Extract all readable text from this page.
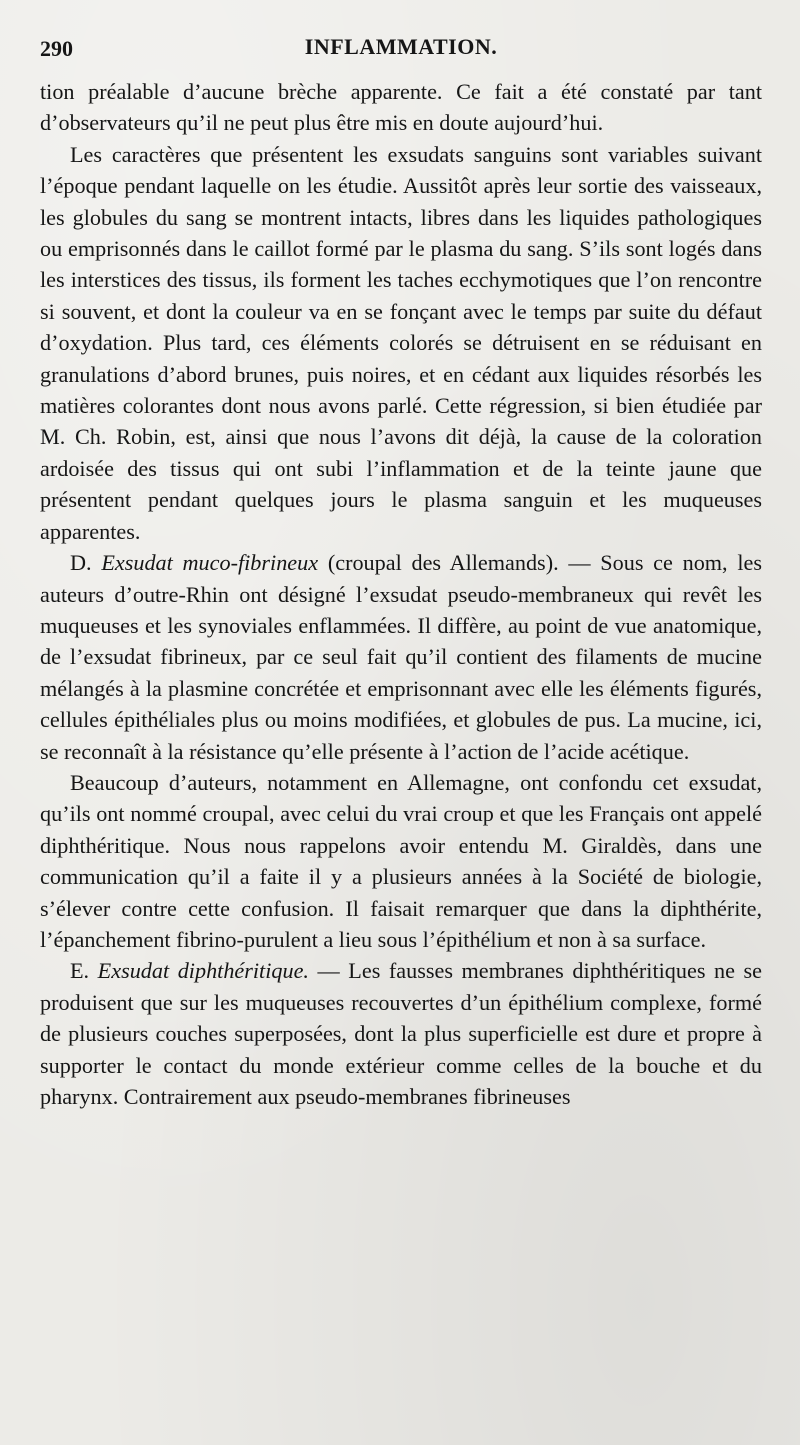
290	INFLAMMATION.

tion préalable d’aucune brèche apparente. Ce fait a été constaté par tant d’observateurs qu’il ne peut plus être mis en doute aujourd’hui.

Les caractères que présentent les exsudats sanguins sont variables suivant l’époque pendant laquelle on les étudie. Aussitôt après leur sortie des vaisseaux, les globules du sang se montrent intacts, libres dans les liquides pathologiques ou emprisonnés dans le caillot formé par le plasma du sang. S’ils sont logés dans les interstices des tissus, ils forment les taches ecchymotiques que l’on rencontre si souvent, et dont la couleur va en se fonçant avec le temps par suite du défaut d’oxydation. Plus tard, ces éléments colorés se détruisent en se réduisant en granulations d’abord brunes, puis noires, et en cédant aux liquides résorbés les matières colorantes dont nous avons parlé. Cette régression, si bien étudiée par M. Ch. Robin, est, ainsi que nous l’avons dit déjà, la cause de la coloration ardoisée des tissus qui ont subi l’inflammation et de la teinte jaune que présentent pendant quelques jours le plasma sanguin et les muqueuses apparentes.

D. Exsudat muco-fibrineux (croupal des Allemands). — Sous ce nom, les auteurs d’outre-Rhin ont désigné l’exsudat pseudo-membraneux qui revêt les muqueuses et les synoviales enflammées. Il diffère, au point de vue anatomique, de l’exsudat fibrineux, par ce seul fait qu’il contient des filaments de mucine mélangés à la plasmine concrétée et emprisonnant avec elle les éléments figurés, cellules épithéliales plus ou moins modifiées, et globules de pus. La mucine, ici, se reconnaît à la résistance qu’elle présente à l’action de l’acide acétique.

Beaucoup d’auteurs, notamment en Allemagne, ont confondu cet exsudat, qu’ils ont nommé croupal, avec celui du vrai croup et que les Français ont appelé diphthéritique. Nous nous rappelons avoir entendu M. Giraldès, dans une communication qu’il a faite il y a plusieurs années à la Société de biologie, s’élever contre cette confusion. Il faisait remarquer que dans la diphthérite, l’épanchement fibrino-purulent a lieu sous l’épithélium et non à sa surface.

E. Exsudat diphthéritique. — Les fausses membranes diphthéritiques ne se produisent que sur les muqueuses recouvertes d’un épithélium complexe, formé de plusieurs couches superposées, dont la plus superficielle est dure et propre à supporter le contact du monde extérieur comme celles de la bouche et du pharynx. Contrairement aux pseudo-membranes fibrineuses
